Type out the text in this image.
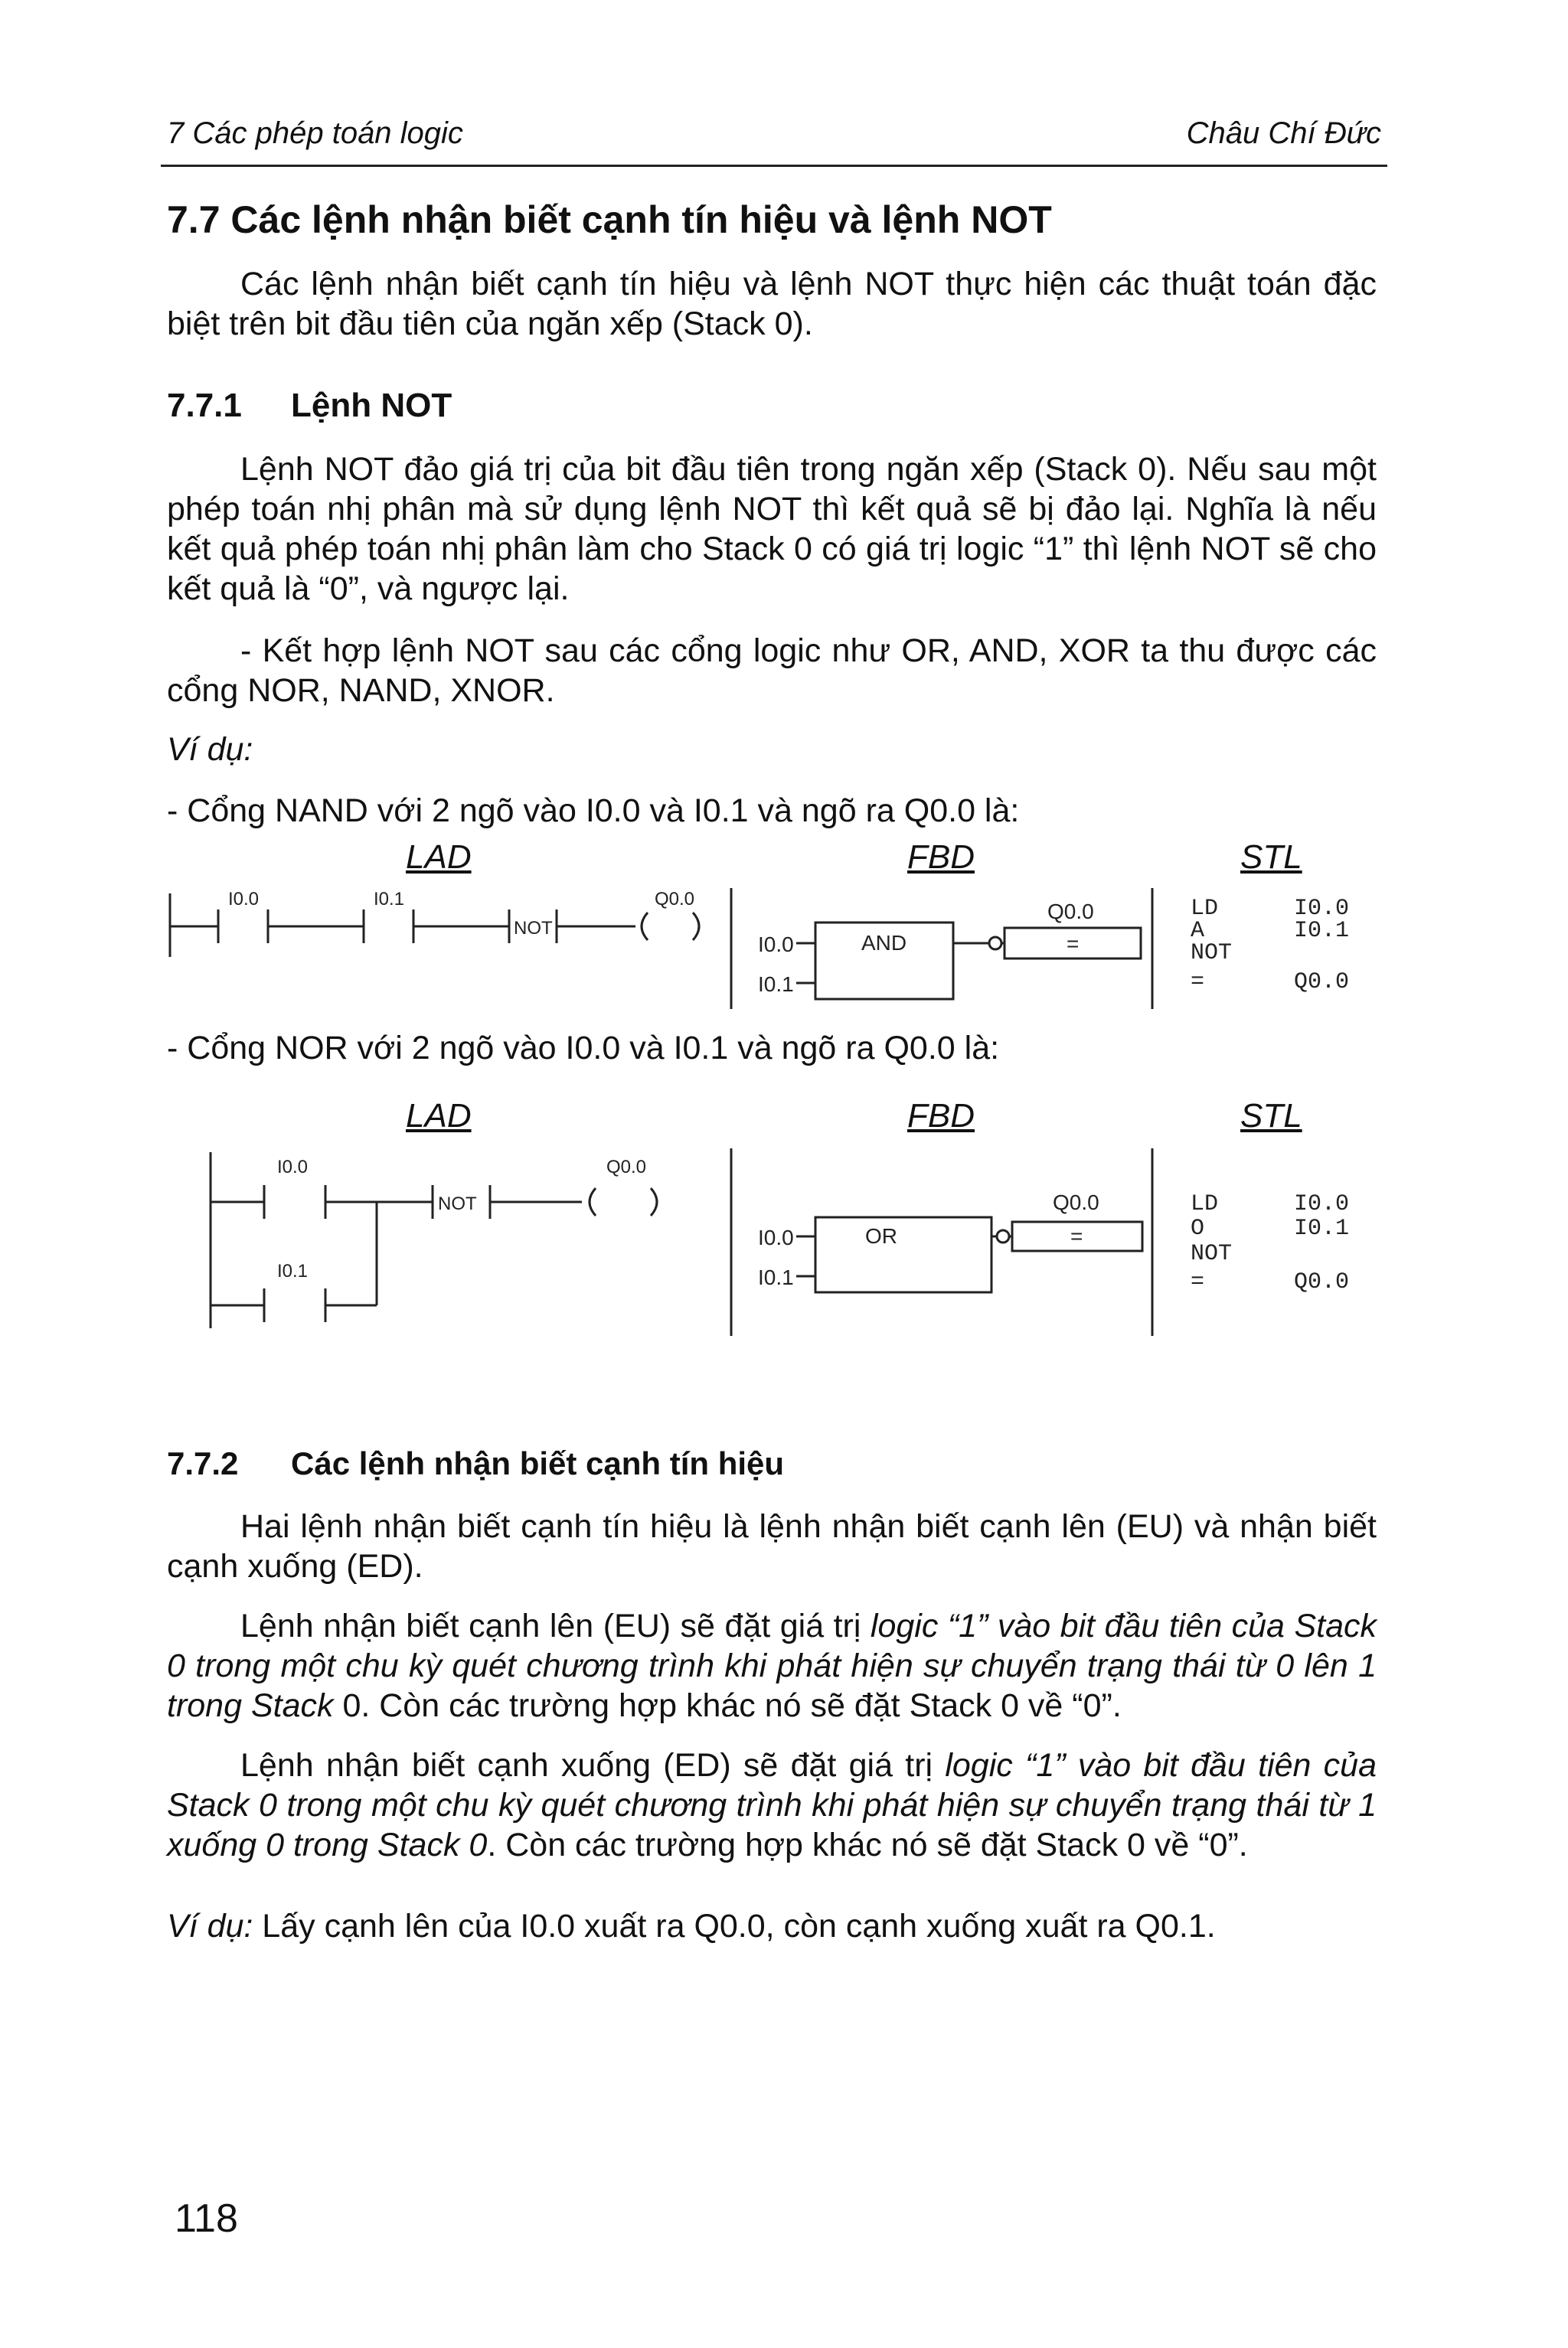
7 Các phép toán logic	Châu Chí Đức
7.7 Các lệnh nhận biết cạnh tín hiệu và lệnh NOT

Các lệnh nhận biết cạnh tín hiệu và lệnh NOT thực hiện các thuật toán đặc biệt trên bit đầu tiên của ngăn xếp (Stack 0).

7.7.1 Lệnh NOT

Lệnh NOT đảo giá trị của bit đầu tiên trong ngăn xếp (Stack 0). Nếu sau một phép toán nhị phân mà sử dụng lệnh NOT thì kết quả sẽ bị đảo lại. Nghĩa là nếu kết quả phép toán nhị phân làm cho Stack 0 có giá trị logic “1” thì lệnh NOT sẽ cho kết quả là “0”, và ngược lại.

- Kết hợp lệnh NOT sau các cổng logic như OR, AND, XOR ta thu được các cổng NOR, NAND, XNOR.

Ví dụ:
- Cổng NAND với 2 ngõ vào I0.0 và I0.1 và ngõ ra Q0.0 là:
LAD	FBD	STL
I0.0	I0.1
NOT
Q0.0
I0.0
I0.1
AND
Q0.0
=
LD	I0.0
A	I0.1
NOT
=	Q0.0
- Cổng NOR với 2 ngõ vào I0.0 và I0.1 và ngõ ra Q0.0 là:
LAD	FBD	STL
I0.0
I0.1
NOT
Q0.0
I0.0
I0.1
OR
Q0.0
=
LD	I0.0
O	I0.1
NOT
=	Q0.0
7.7.2 Các lệnh nhận biết cạnh tín hiệu

Hai lệnh nhận biết cạnh tín hiệu là lệnh nhận biết cạnh lên (EU) và nhận biết cạnh xuống (ED).

Lệnh nhận biết cạnh lên (EU) sẽ đặt giá trị logic “1” vào bit đầu tiên của Stack 0 trong một chu kỳ quét chương trình khi phát hiện sự chuyển trạng thái từ 0 lên 1 trong Stack 0. Còn các trường hợp khác nó sẽ đặt Stack 0 về “0”.

Lệnh nhận biết cạnh xuống (ED) sẽ đặt giá trị logic “1” vào bit đầu tiên của Stack 0 trong một chu kỳ quét chương trình khi phát hiện sự chuyển trạng thái từ 1 xuống 0 trong Stack 0. Còn các trường hợp khác nó sẽ đặt Stack 0 về “0”.

Ví dụ: Lấy cạnh lên của I0.0 xuất ra Q0.0, còn cạnh xuống xuất ra Q0.1.

118
